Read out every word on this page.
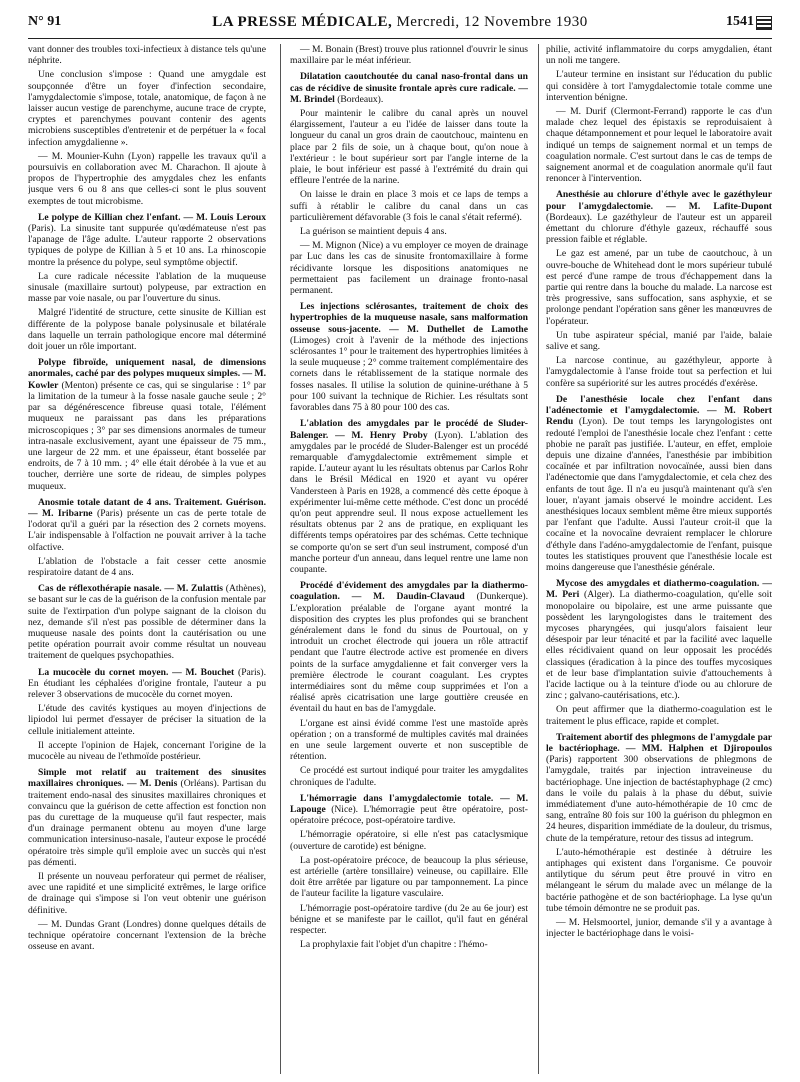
N° 91	LA PRESSE MÉDICALE, Mercredi, 12 Novembre 1930	1541

vant donner des troubles toxi-infectieux à distance tels qu'une néphrite.

Une conclusion s'impose : Quand une amygdale est soupçonnée d'être un foyer d'infection secondaire, l'amygdalectomie s'impose, totale, anatomique, de façon à ne laisser aucun vestige de parenchyme, aucune trace de crypte, cryptes et parenchymes pouvant contenir des agents microbiens susceptibles d'entretenir et de perpétuer la « focal infection amygdalienne ».

— M. Mounier-Kuhn (Lyon) rappelle les travaux qu'il a poursuivis en collaboration avec M. Charachon. Il ajoute à propos de l'hypertrophie des amygdales chez les enfants jusque vers 6 ou 8 ans que celles-ci sont le plus souvent exemptes de tout microbisme.

Le polype de Killian chez l'enfant. — M. Louis Leroux (Paris). La sinusite tant suppurée qu'œdémateuse n'est pas l'apanage de l'âge adulte. L'auteur rapporte 2 observations typiques de polype de Killian à 5 et 10 ans. La rhinoscopie montre la présence du polype, seul symptôme objectif.

La cure radicale nécessite l'ablation de la muqueuse sinusale (maxillaire surtout) polypeuse, par extraction en masse par voie nasale, ou par l'ouverture du sinus.

Malgré l'identité de structure, cette sinusite de Killian est différente de la polypose banale polysinusale et bilatérale dans laquelle un terrain pathologique encore mal déterminé doit jouer un rôle important.

Polype fibroïde, uniquement nasal, de dimensions anormales, caché par des polypes muqueux simples. — M. Kowler (Menton) présente ce cas, qui se singularise : 1° par la limitation de la tumeur à la fosse nasale gauche seule ; 2° par sa dégénérescence fibreuse quasi totale, l'élément muqueux ne paraissant pas dans les préparations microscopiques ; 3° par ses dimensions anormales de tumeur intra-nasale exclusivement, ayant une épaisseur de 75 mm., une largeur de 22 mm. et une épaisseur, étant bosselée par endroits, de 7 à 10 mm. ; 4° elle était dérobée à la vue et au toucher, derrière une sorte de rideau, de simples polypes muqueux.

Anosmie totale datant de 4 ans. Traitement. Guérison. — M. Iribarne (Paris) présente un cas de perte totale de l'odorat qu'il a guéri par la résection des 2 cornets moyens. L'air indispensable à l'olfaction ne pouvait arriver à la tache olfactive.

L'ablation de l'obstacle a fait cesser cette anosmie respiratoire datant de 4 ans.

Cas de réflexothérapie nasale. — M. Zulattis (Athènes), se basant sur le cas de la guérison de la confusion mentale par suite de l'extirpation d'un polype saignant de la cloison du nez, demande s'il n'est pas possible de déterminer dans la muqueuse nasale des points dont la cautérisation ou une petite opération pourrait avoir comme résultat un nouveau traitement de quelques psychopathies.

La mucocèle du cornet moyen. — M. Bouchet (Paris). En étudiant les céphalées d'origine frontale, l'auteur a pu relever 3 observations de mucocèle du cornet moyen.

L'étude des cavités kystiques au moyen d'injections de lipiodol lui permet d'essayer de préciser la situation de la cellule initialement atteinte.

Il accepte l'opinion de Hajek, concernant l'origine de la mucocèle au niveau de l'ethmoïde postérieur.

Simple mot relatif au traitement des sinusites maxillaires chroniques. — M. Denis (Orléans). Partisan du traitement endo-nasal des sinusites maxillaires chroniques et convaincu que la guérison de cette affection est fonction non pas du curettage de la muqueuse qu'il faut respecter, mais d'un drainage permanent obtenu au moyen d'une large communication intersinuso-nasale, l'auteur expose le procédé opératoire très simple qu'il emploie avec un succès qui n'est pas démenti.

Il présente un nouveau perforateur qui permet de réaliser, avec une rapidité et une simplicité extrêmes, le large orifice de drainage qui s'impose si l'on veut obtenir une guérison définitive.

— M. Dundas Grant (Londres) donne quelques détails de technique opératoire concernant l'extension de la brèche osseuse en avant.

— M. Bonain (Brest) trouve plus rationnel d'ouvrir le sinus maxillaire par le méat inférieur.

Dilatation caoutchoutée du canal naso-frontal dans un cas de récidive de sinusite frontale après cure radicale. — M. Brindel (Bordeaux).

Pour maintenir le calibre du canal après un nouvel élargissement, l'auteur a eu l'idée de laisser dans toute la longueur du canal un gros drain de caoutchouc, maintenu en place par 2 fils de soie, un à chaque bout, qu'on noue à l'extérieur : le bout supérieur sort par l'angle interne de la plaie, le bout inférieur est passé à l'extrémité du drain qui effleure l'entrée de la narine.

On laisse le drain en place 3 mois et ce laps de temps a suffi à rétablir le calibre du canal dans un cas particulièrement défavorable (3 fois le canal s'était refermé).

La guérison se maintient depuis 4 ans.

— M. Mignon (Nice) a vu employer ce moyen de drainage par Luc dans les cas de sinusite frontomaxillaire à forme récidivante lorsque les dispositions anatomiques ne permettaient pas facilement un drainage fronto-nasal permanent.

Les injections sclérosantes, traitement de choix des hypertrophies de la muqueuse nasale, sans malformation osseuse sous-jacente. — M. Duthellet de Lamothe (Limoges) croit à l'avenir de la méthode des injections sclérosantes 1° pour le traitement des hypertrophies limitées à la seule muqueuse ; 2° comme traitement complémentaire des cornets dans le rétablissement de la statique normale des fosses nasales. Il utilise la solution de quinine-uréthane à 5 pour 100 suivant la technique de Richier. Les résultats sont favorables dans 75 à 80 pour 100 des cas.

L'ablation des amygdales par le procédé de Sluder-Balenger. — M. Henry Proby (Lyon). L'ablation des amygdales par le procédé de Sluder-Balenger est un procédé remarquable d'amygdalectomie extrêmement simple et rapide. L'auteur ayant lu les résultats obtenus par Carlos Rohr dans le Brésil Médical en 1920 et ayant vu opérer Vandersteen à Paris en 1928, a commencé dès cette époque à expérimenter lui-même cette méthode. C'est donc un procédé qu'on peut apprendre seul. Il nous expose actuellement les résultats obtenus par 2 ans de pratique, en expliquant les différents temps opératoires par des schémas. Cette technique se comporte qu'on se sert d'un seul instrument, composé d'un manche porteur d'un anneau, dans lequel rentre une lame non coupante.

Procédé d'évidement des amygdales par la diathermo-coagulation. — M. Daudin-Clavaud (Dunkerque). L'exploration préalable de l'organe ayant montré la disposition des cryptes les plus profondes qui se branchent généralement dans le fond du sinus de Pourtoual, on y introduit un crochet électrode qui jouera un rôle attractif pendant que l'autre électrode active est promenée en divers points de la surface amygdalienne et fait converger vers la première électrode le courant coagulant. Les cryptes intermédiaires sont du même coup supprimées et l'on a réalisé après cicatrisation une large gouttière creusée en éventail du haut en bas de l'amygdale.

L'organe est ainsi évidé comme l'est une mastoïde après opération ; on a transformé de multiples cavités mal drainées en une seule largement ouverte et non susceptible de rétention.

Ce procédé est surtout indiqué pour traiter les amygdalites chroniques de l'adulte.

L'hémorragie dans l'amygdalectomie totale. — M. Lapouge (Nice). L'hémorragie peut être opératoire, post-opératoire précoce, post-opératoire tardive.

L'hémorragie opératoire, si elle n'est pas cataclysmique (ouverture de carotide) est bénigne.

La post-opératoire précoce, de beaucoup la plus sérieuse, est artérielle (artère tonsillaire) veineuse, ou capillaire. Elle doit être arrêtée par ligature ou par tamponnement. La pince de l'auteur facilite la ligature vasculaire.

L'hémorragie post-opératoire tardive (du 2e au 6e jour) est bénigne et se manifeste par le caillot, qu'il faut en général respecter.

La prophylaxie fait l'objet d'un chapitre : l'hémo-

philie, activité inflammatoire du corps amygdalien, étant un noli me tangere.

L'auteur termine en insistant sur l'éducation du public qui considère à tort l'amygdalectomie totale comme une intervention bénigne.

— M. Durif (Clermont-Ferrand) rapporte le cas d'un malade chez lequel des épistaxis se reproduisaient à chaque détamponnement et pour lequel le laboratoire avait indiqué un temps de saignement normal et un temps de coagulation normale. C'est surtout dans le cas de temps de saignement anormal et de coagulation anormale qu'il faut renoncer à l'intervention.

Anesthésie au chlorure d'éthyle avec le gazéthyleur pour l'amygdalectomie. — M. Lafite-Dupont (Bordeaux). Le gazéthyleur de l'auteur est un appareil émettant du chlorure d'éthyle gazeux, réchauffé sous pression faible et réglable.

Le gaz est amené, par un tube de caoutchouc, à un ouvre-bouche de Whitehead dont le mors supérieur tubulé est percé d'une rampe de trous d'échappement dans la partie qui rentre dans la bouche du malade. La narcose est très progressive, sans suffocation, sans asphyxie, et se prolonge pendant l'opération sans gêner les manœuvres de l'opérateur.

Un tube aspirateur spécial, manié par l'aide, balaie salive et sang.

La narcose continue, au gazéthyleur, apporte à l'amygdalectomie à l'anse froide tout sa perfection et lui confère sa supériorité sur les autres procédés d'exérèse.

De l'anesthésie locale chez l'enfant dans l'adénectomie et l'amygdalectomie. — M. Robert Rendu (Lyon). De tout temps les laryngologistes ont redouté l'emploi de l'anesthésie locale chez l'enfant : cette phobie ne paraît pas justifiée. L'auteur, en effet, emploie depuis une dizaine d'années, l'anesthésie par imbibition cocaïnée et par infiltration novocaïnée, aussi bien dans l'adénectomie que dans l'amygdalectomie, et cela chez des enfants de tout âge. Il n'a eu jusqu'à maintenant qu'à s'en louer, n'ayant jamais observé le moindre accident. Les anesthésiques locaux semblent même être mieux supportés par l'enfant que l'adulte. Aussi l'auteur croit-il que la cocaïne et la novocaïne devraient remplacer le chlorure d'éthyle dans l'adéno-amygdalectomie de l'enfant, puisque toutes les statistiques prouvent que l'anesthésie locale est moins dangereuse que l'anesthésie générale.

Mycose des amygdales et diathermo-coagulation. — M. Peri (Alger). La diathermo-coagulation, qu'elle soit monopolaire ou bipolaire, est une arme puissante que possèdent les laryngologistes dans le traitement des mycoses pharyngées, qui jusqu'alors faisaient leur désespoir par leur ténacité et par la facilité avec laquelle elles récidivaient quand on leur opposait les procédés classiques (éradication à la pince des touffes mycosiques et de leur base d'implantation suivie d'attouchements à l'acide lactique ou à la teinture d'iode ou au chlorure de zinc ; galvano-cautérisations, etc.).

On peut affirmer que la diathermo-coagulation est le traitement le plus efficace, rapide et complet.

Traitement abortif des phlegmons de l'amygdale par le bactériophage. — MM. Halphen et Djiropoulos (Paris) rapportent 300 observations de phlegmons de l'amygdale, traités par injection intraveineuse du bactériophage. Une injection de bactéstaphyphage (2 cmc) dans le voile du palais à la phase du début, suivie immédiatement d'une auto-hémothérapie de 10 cmc de sang, entraîne 80 fois sur 100 la guérison du phlegmon en 24 heures, disparition immédiate de la douleur, du trismus, chute de la température, retour des tissus ad integrum.

L'auto-hémothérapie est destinée à détruire les antiphages qui existent dans l'organisme. Ce pouvoir antilytique du sérum peut être prouvé in vitro en mélangeant le sérum du malade avec un mélange de la bactérie pathogène et de son bactériophage. La lyse qu'un tube témoin démontre ne se produit pas.

— M. Helsmoortel, junior, demande s'il y a avantage à injecter le bactériophage dans le voisi-
